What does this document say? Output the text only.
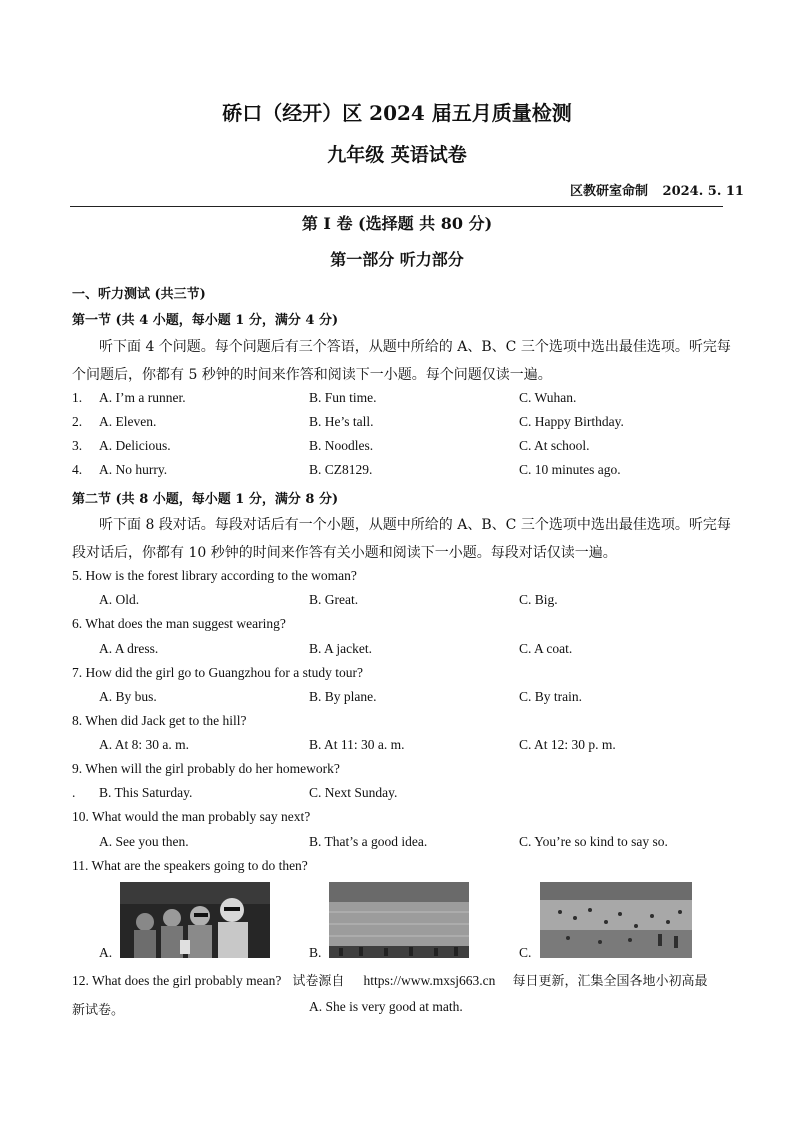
硚口（经开）区 2024 届五月质量检测
九年级 英语试卷
区教研室命制 2024. 5. 11
第 I 卷 (选择题 共 80 分)
第一部分 听力部分
一、听力测试 (共三节)
第一节 (共 4 小题，每小题 1 分，满分 4 分)
听下面 4 个问题。每个问题后有三个答语，从题中所给的 A、B、C 三个选项中选出最佳选项。听完每
个问题后，你都有 5 秒钟的时间来作答和阅读下一小题。每个问题仅读一遍。
1. A. I’m a runner.	B. Fun time.	C. Wuhan.
2. A. Eleven.	B. He’s tall.	C. Happy Birthday.
3. A. Delicious.	B. Noodles.	C. At school.
4. A. No hurry.	B. CZ8129.	C. 10 minutes ago.
第二节 (共 8 小题，每小题 1 分，满分 8 分)
听下面 8 段对话。每段对话后有一个小题，从题中所给的 A、B、C 三个选项中选出最佳选项。听完每
段对话后，你都有 10 秒钟的时间来作答有关小题和阅读下一小题。每段对话仅读一遍。
5. How is the forest library according to the woman?
A. Old.	B. Great.	C. Big.
6. What does the man suggest wearing?
A. A dress.	B. A jacket.	C. A coat.
7. How did the girl go to Guangzhou for a study tour?
A. By bus.	B. By plane.	C. By train.
8. When did Jack get to the hill?
A. At 8: 30 a. m.	B. At 11: 30 a. m.	C. At 12: 30 p. m.
9. When will the girl probably do her homework?
. B. This Saturday.	C. Next Sunday.
10. What would the man probably say next?
A. See you then.	B. That’s a good idea.	C. You’re so kind to say so.
11. What are the speakers going to do then?
A.	B.	C.
12. What does the girl probably mean? 试卷源自 https://www.mxsj663.cn 每日更新，汇集全国各地小初高最
新试卷。	A. She is very good at math.
